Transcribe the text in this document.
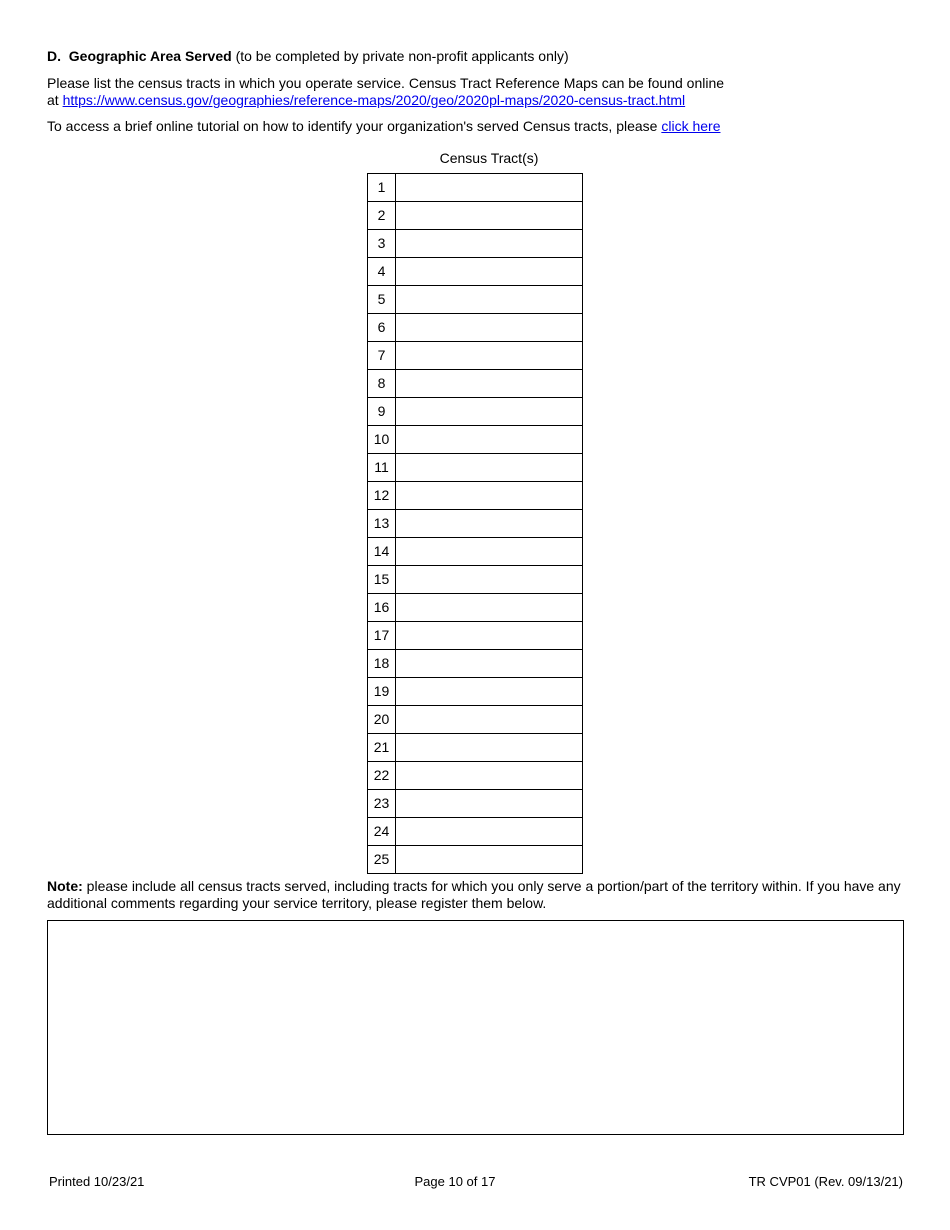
D. Geographic Area Served (to be completed by private non-profit applicants only)
Please list the census tracts in which you operate service. Census Tract Reference Maps can be found online
at https://www.census.gov/geographies/reference-maps/2020/geo/2020pl-maps/2020-census-tract.html
To access a brief online tutorial on how to identify your organization's served Census tracts, please click here
Census Tract(s)
1	
2	
3	
4	
5	
6	
7	
8	
9	
10	
11	
12	
13	
14	
15	
16	
17	
18	
19	
20	
21	
22	
23	
24	
25	
Note: please include all census tracts served, including tracts for which you only serve a portion/part of the territory within. If you have any additional comments regarding your service territory, please register them below.
Printed 10/23/21	Page 10 of 17	TR CVP01 (Rev. 09/13/21)
